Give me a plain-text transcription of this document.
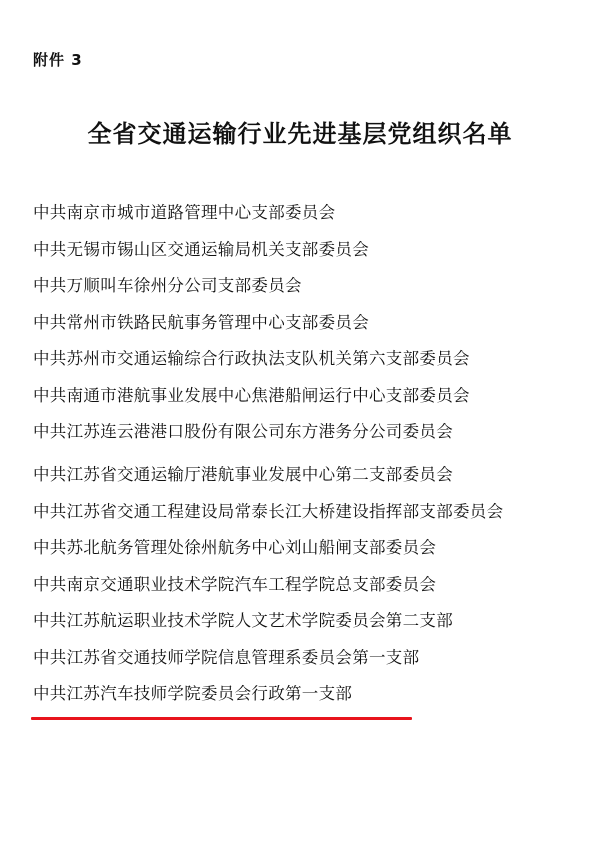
附件 3
全省交通运输行业先进基层党组织名单
中共南京市城市道路管理中心支部委员会
中共无锡市锡山区交通运输局机关支部委员会
中共万顺叫车徐州分公司支部委员会
中共常州市铁路民航事务管理中心支部委员会
中共苏州市交通运输综合行政执法支队机关第六支部委员会
中共南通市港航事业发展中心焦港船闸运行中心支部委员会
中共江苏连云港港口股份有限公司东方港务分公司委员会
中共江苏省交通运输厅港航事业发展中心第二支部委员会
中共江苏省交通工程建设局常泰长江大桥建设指挥部支部委员会
中共苏北航务管理处徐州航务中心刘山船闸支部委员会
中共南京交通职业技术学院汽车工程学院总支部委员会
中共江苏航运职业技术学院人文艺术学院委员会第二支部
中共江苏省交通技师学院信息管理系委员会第一支部
中共江苏汽车技师学院委员会行政第一支部
